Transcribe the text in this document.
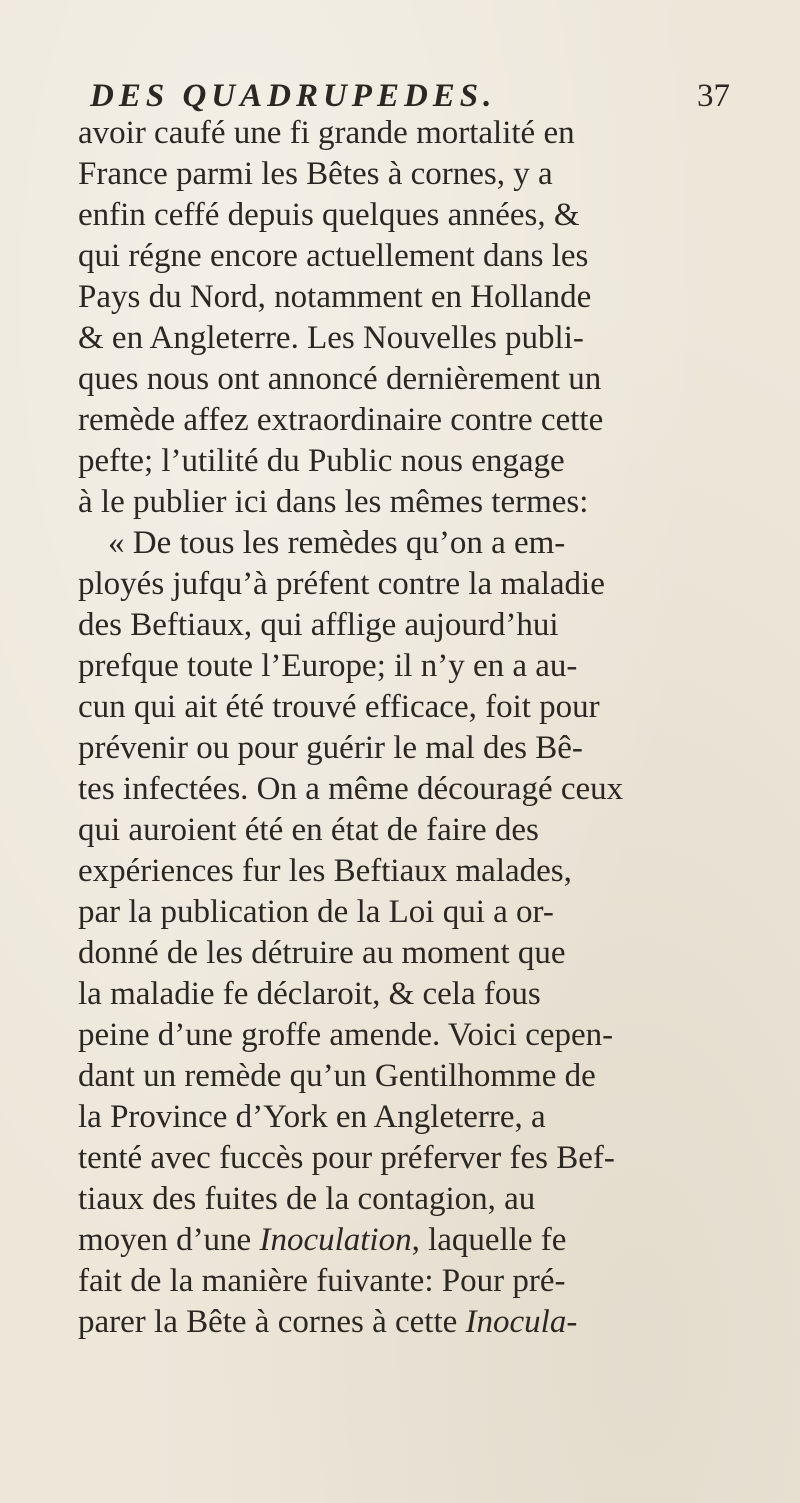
DES QUADRUPEDES.	37
avoir caufé une fi grande mortalité en
France parmi les Bêtes à cornes, y a
enfin ceffé depuis quelques années, &
qui régne encore actuellement dans les
Pays du Nord, notamment en Hollande
& en Angleterre. Les Nouvelles publi-
ques nous ont annoncé dernièrement un
remède affez extraordinaire contre cette
pefte; l’utilité du Public nous engage
à le publier ici dans les mêmes termes:
« De tous les remèdes qu’on a em-
ployés jufqu’à préfent contre la maladie
des Beftiaux, qui afflige aujourd’hui
prefque toute l’Europe; il n’y en a au-
cun qui ait été trouvé efficace, foit pour
prévenir ou pour guérir le mal des Bê-
tes infectées. On a même découragé ceux
qui auroient été en état de faire des
expériences fur les Beftiaux malades,
par la publication de la Loi qui a or-
donné de les détruire au moment que
la maladie fe déclaroit, & cela fous
peine d’une groffe amende. Voici cepen-
dant un remède qu’un Gentilhomme de
la Province d’York en Angleterre, a
tenté avec fuccès pour préferver fes Bef-
tiaux des fuites de la contagion, au
moyen d’une Inoculation, laquelle fe
fait de la manière fuivante: Pour pré-
parer la Bête à cornes à cette Inocula-
